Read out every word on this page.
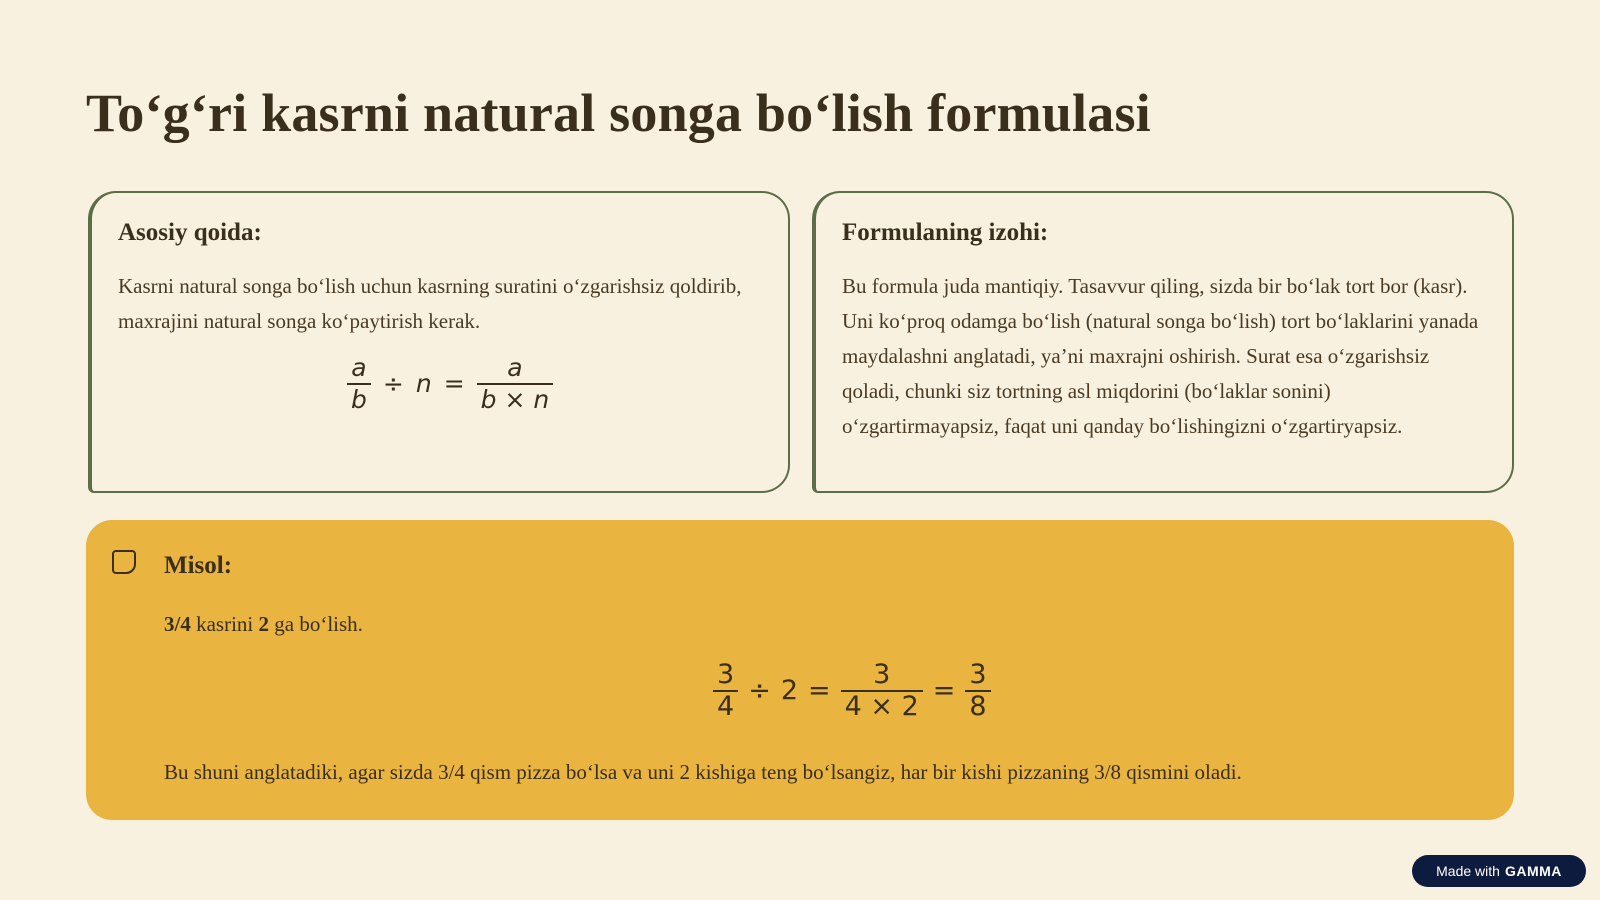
To‘g‘ri kasrni natural songa bo‘lish formulasi
Asosiy qoida:

Kasrni natural songa bo‘lish uchun kasrning suratini o‘zgarishsiz qoldirib, maxrajini natural songa ko‘paytirish kerak.

$\frac{a}{b} \div n = \frac{a}{b \times n}$
Formulaning izohi:

Bu formula juda mantiqiy. Tasavvur qiling, sizda bir bo‘lak tort bor (kasr). Uni ko‘proq odamga bo‘lish (natural songa bo‘lish) tort bo‘laklarini yanada maydalashni anglatadi, ya’ni maxrajni oshirish. Surat esa o‘zgarishsiz qoladi, chunki siz tortning asl miqdorini (bo‘laklar sonini) o‘zgartirmayapsiz, faqat uni qanday bo‘lishingizni o‘zgartiryapsiz.

Misol:

3/4 kasrini 2 ga bo‘lish.

$\frac{3}{4} \div 2 = \frac{3}{4 \times 2} = \frac{3}{8}$

Bu shuni anglatadiki, agar sizda 3/4 qism pizza bo‘lsa va uni 2 kishiga teng bo‘lsangiz, har bir kishi pizzaning 3/8 qismini oladi.

Made with GAMMA
